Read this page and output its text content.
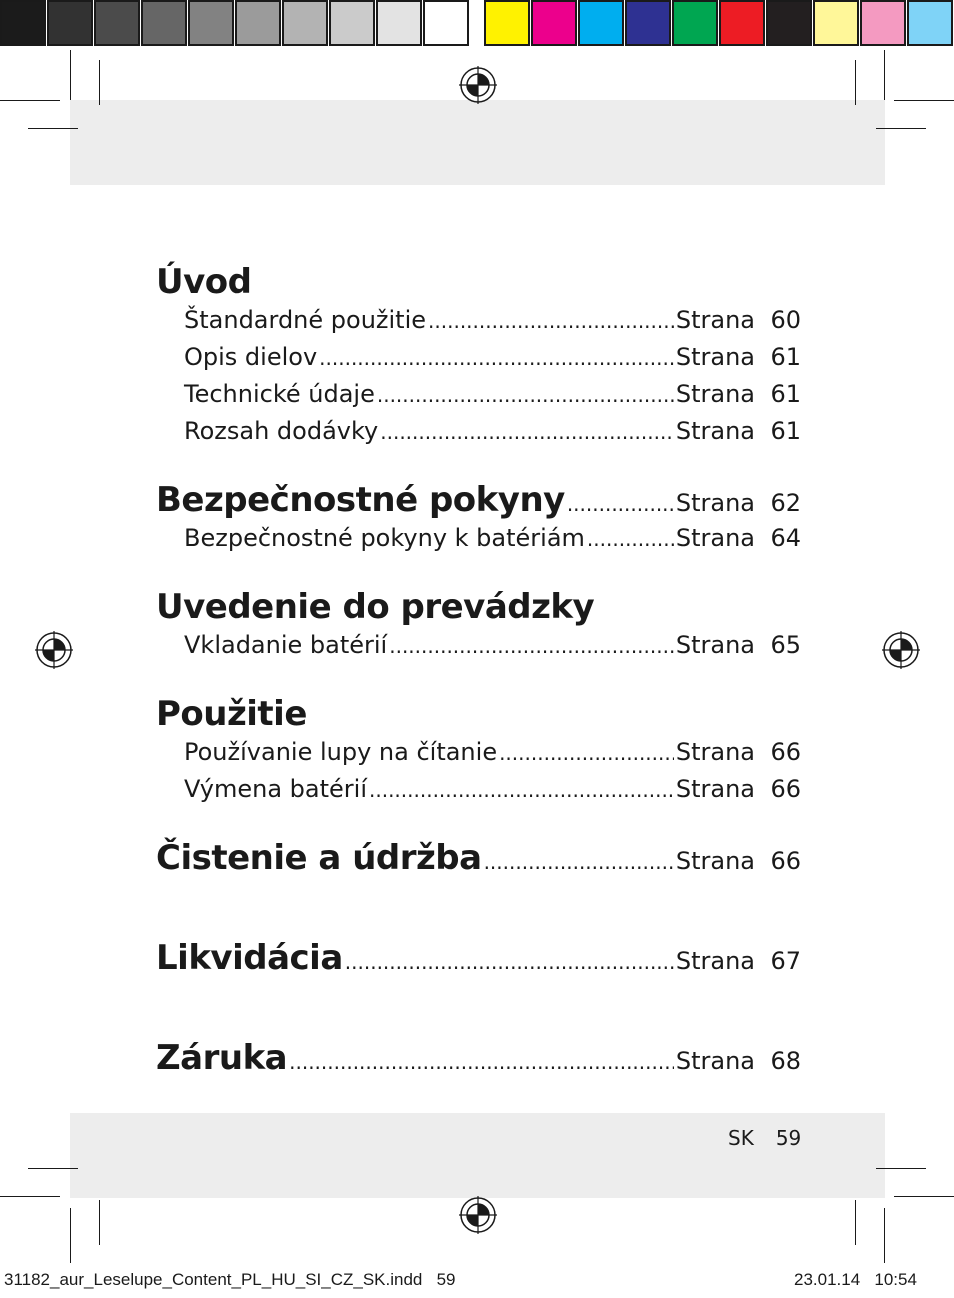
Úvod
Štandardné použitie .....	Strana 60
Opis dielov .....	Strana 61
Technické údaje .....	Strana 61
Rozsah dodávky .....	Strana 61
Bezpečnostné pokyny .....	Strana 62
Bezpečnostné pokyny k batériám .....	Strana 64
Uvedenie do prevádzky
Vkladanie batérií .....	Strana 65
Použitie
Používanie lupy na čítanie .....	Strana 66
Výmena batérií .....	Strana 66
Čistenie a údržba .....	Strana 66
Likvidácia .....	Strana 67
Záruka .....	Strana 68
SK 59
31182_aur_Leselupe_Content_PL_HU_SI_CZ_SK.indd 59	23.01.14 10:54
